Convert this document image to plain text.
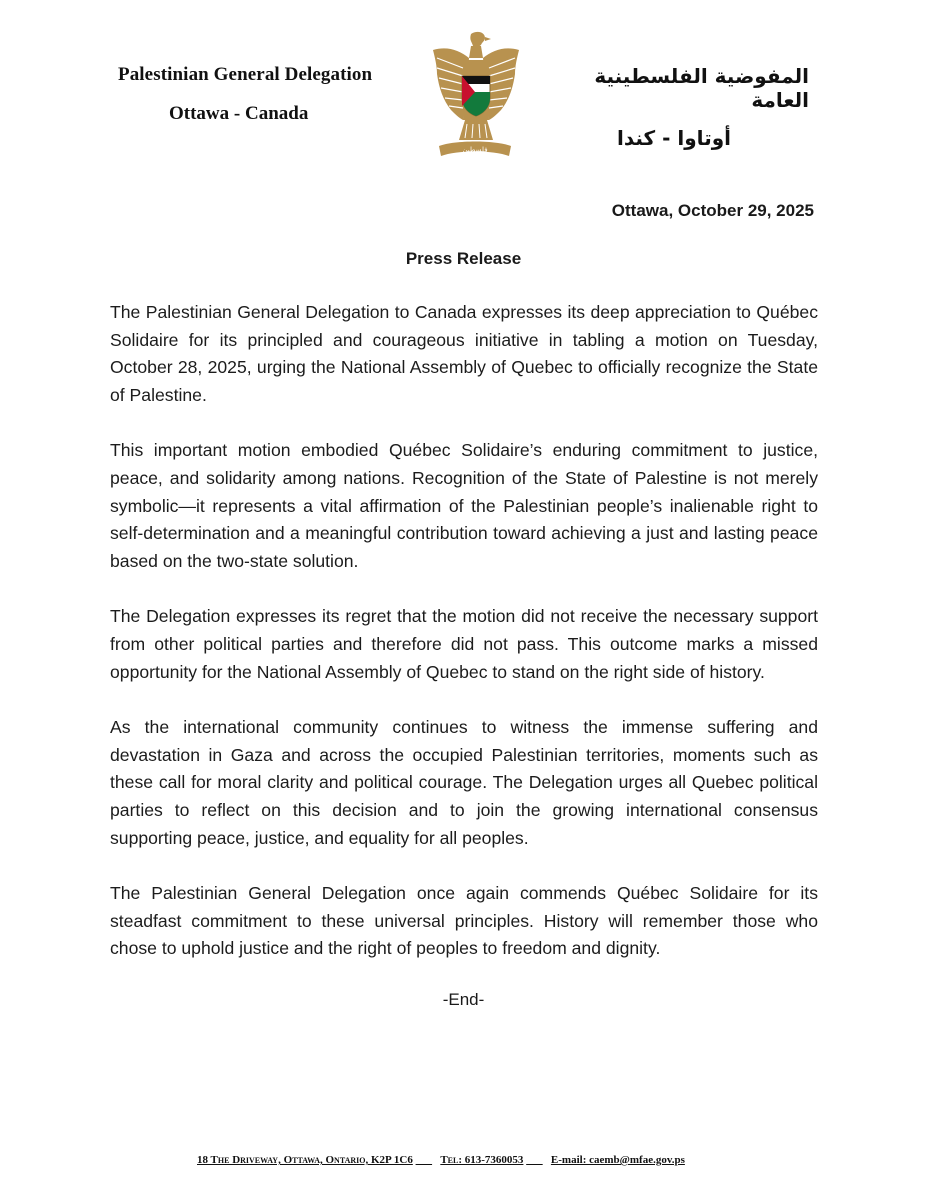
Palestinian General Delegation
Ottawa - Canada
فلسطين
المفوضية الفلسطينية العامة
أوتاوا - كندا
Ottawa, October 29, 2025
Press Release

The Palestinian General Delegation to Canada expresses its deep appreciation to Québec Solidaire for its principled and courageous initiative in tabling a motion on Tuesday, October 28, 2025, urging the National Assembly of Quebec to officially recognize the State of Palestine.

This important motion embodied Québec Solidaire’s enduring commitment to justice, peace, and solidarity among nations. Recognition of the State of Palestine is not merely symbolic—it represents a vital affirmation of the Palestinian people’s inalienable right to self-determination and a meaningful contribution toward achieving a just and lasting peace based on the two-state solution.

The Delegation expresses its regret that the motion did not receive the necessary support from other political parties and therefore did not pass. This outcome marks a missed opportunity for the National Assembly of Quebec to stand on the right side of history.

As the international community continues to witness the immense suffering and devastation in Gaza and across the occupied Palestinian territories, moments such as these call for moral clarity and political courage. The Delegation urges all Quebec political parties to reflect on this decision and to join the growing international consensus supporting peace, justice, and equality for all peoples.

The Palestinian General Delegation once again commends Québec Solidaire for its steadfast commitment to these universal principles. History will remember those who chose to uphold justice and the right of peoples to freedom and dignity.

-End-
18 The Driveway, Ottawa, Ontario, K2P 1C6	Tel: 613-7360053	E-mail: caemb@mfae.gov.ps
